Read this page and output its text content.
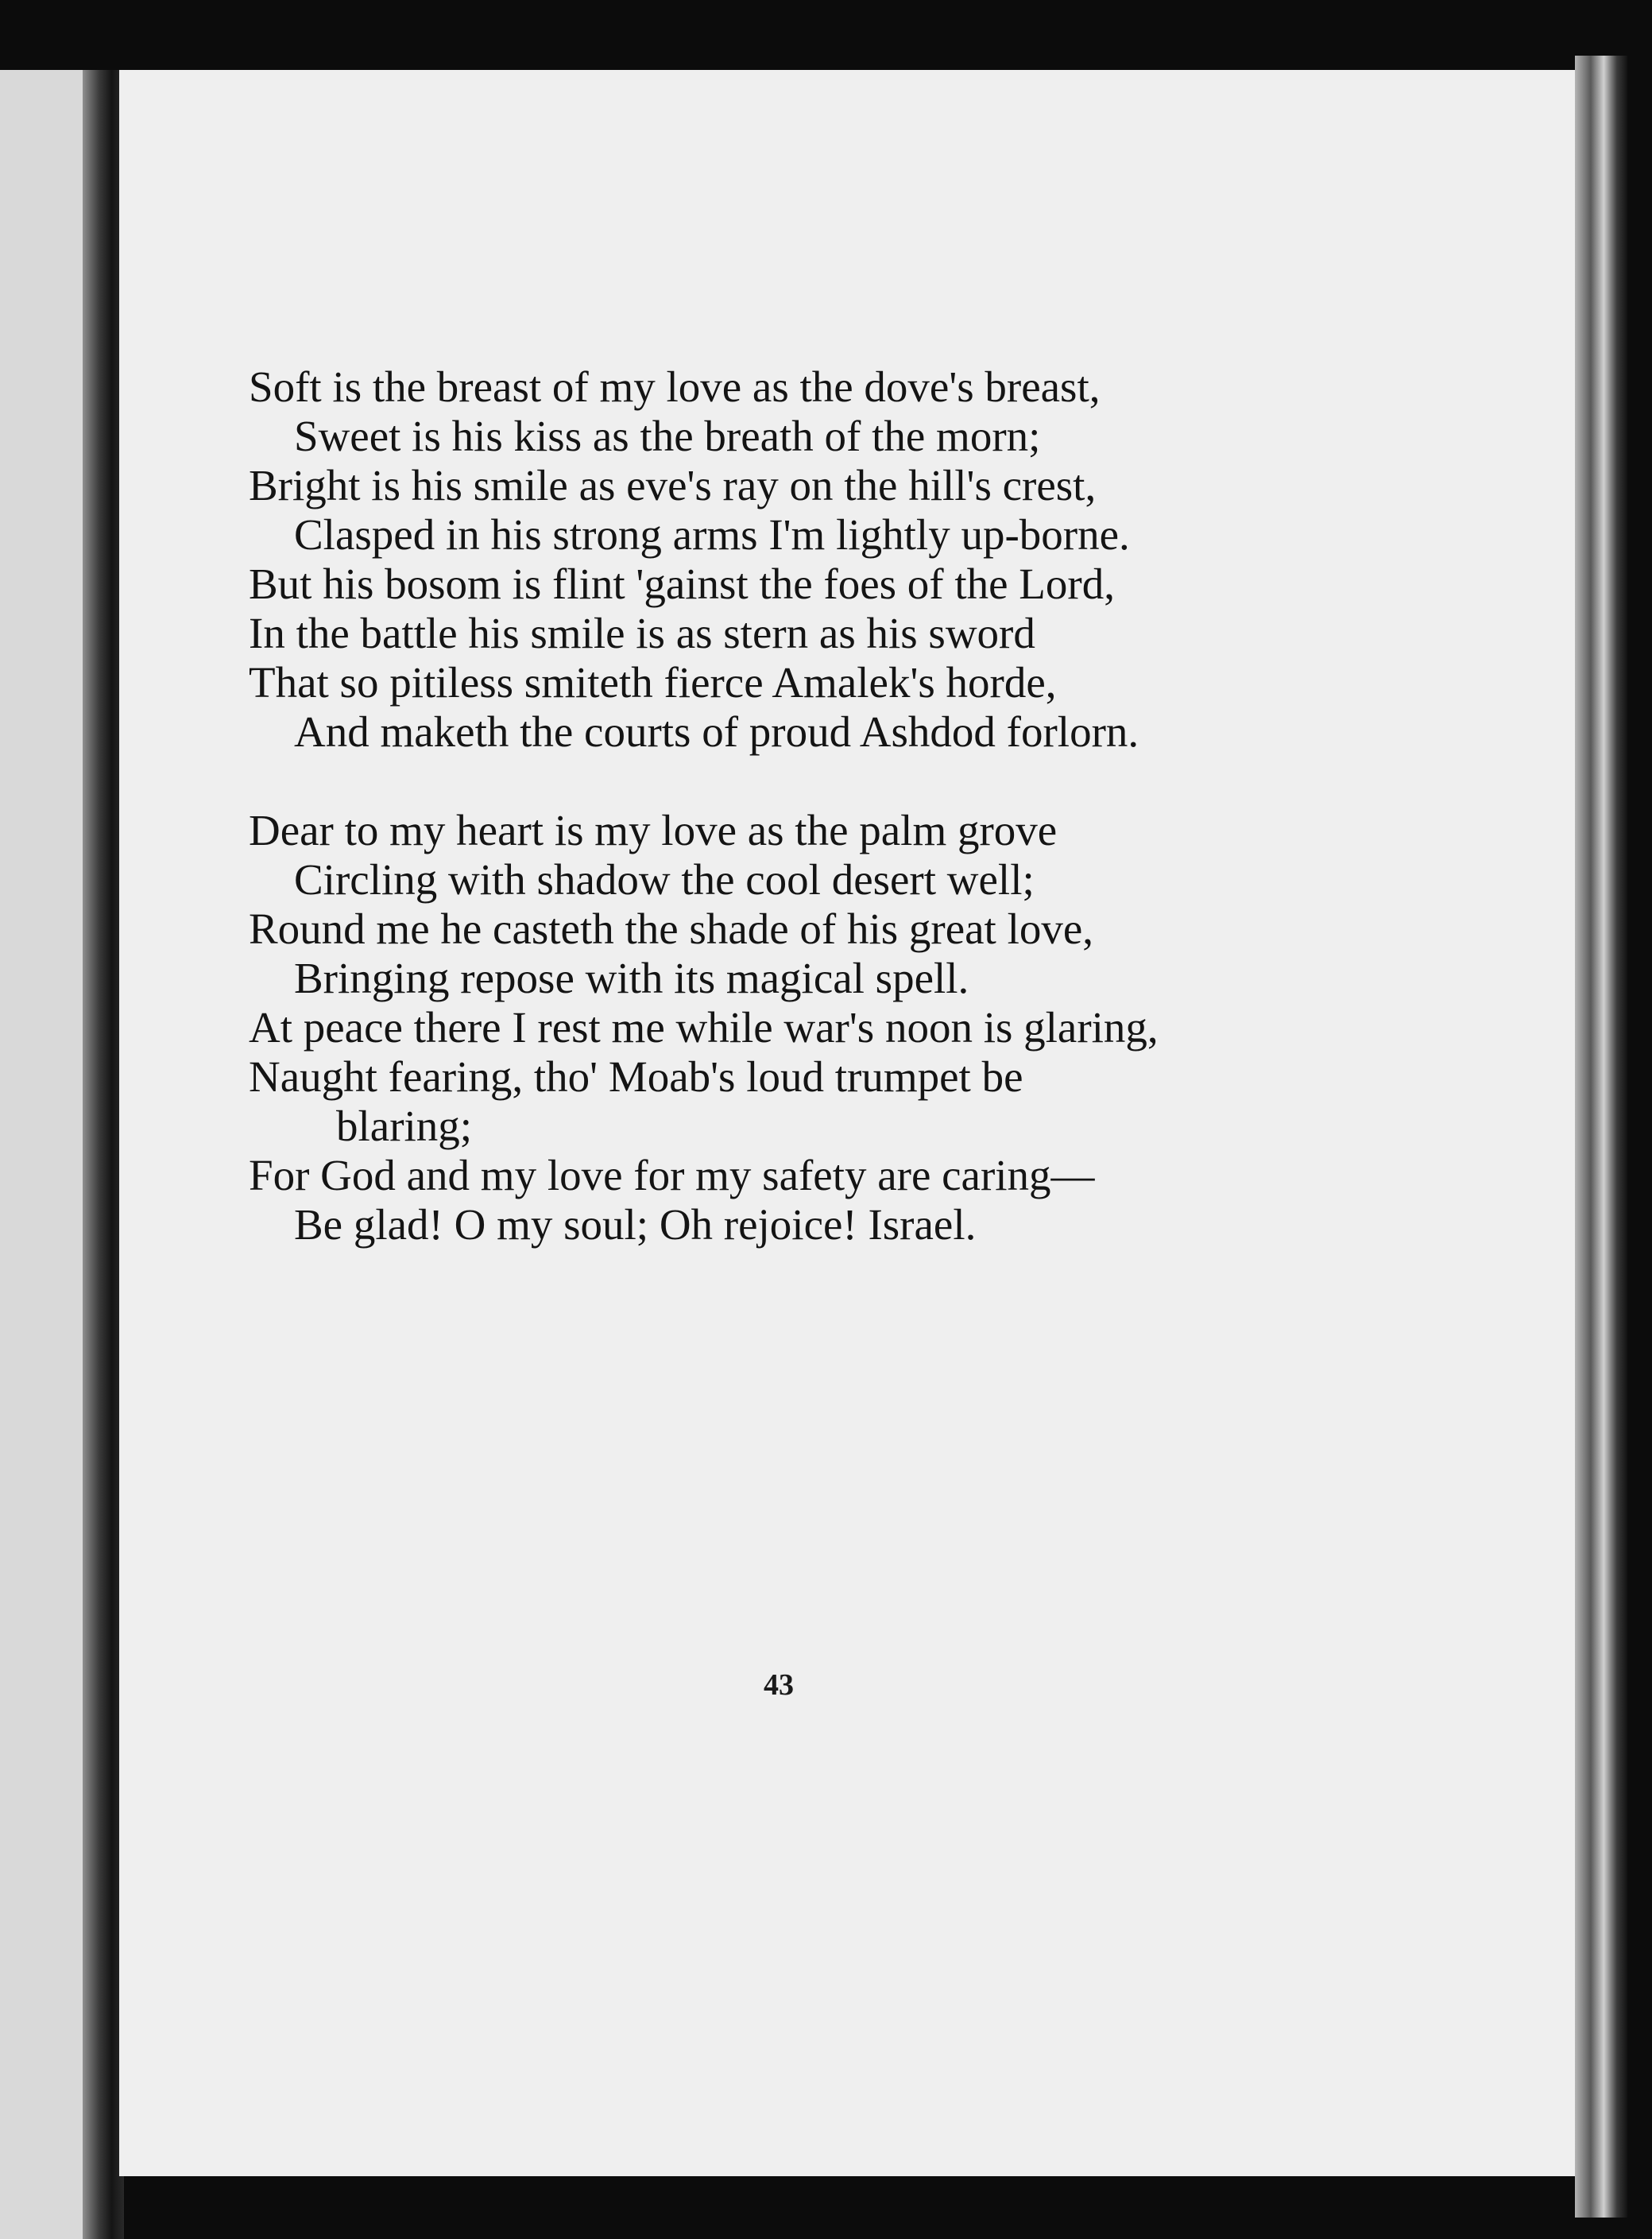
Soft is the breast of my love as the dove's breast,
Sweet is his kiss as the breath of the morn;
Bright is his smile as eve's ray on the hill's crest,
Clasped in his strong arms I'm lightly up-borne.
But his bosom is flint 'gainst the foes of the Lord,
In the battle his smile is as stern as his sword
That so pitiless smiteth fierce Amalek's horde,
And maketh the courts of proud Ashdod forlorn.
Dear to my heart is my love as the palm grove
Circling with shadow the cool desert well;
Round me he casteth the shade of his great love,
Bringing repose with its magical spell.
At peace there I rest me while war's noon is glaring,
Naught fearing, tho' Moab's loud trumpet be
blaring;
For God and my love for my safety are caring—
Be glad! O my soul; Oh rejoice! Israel.
43
